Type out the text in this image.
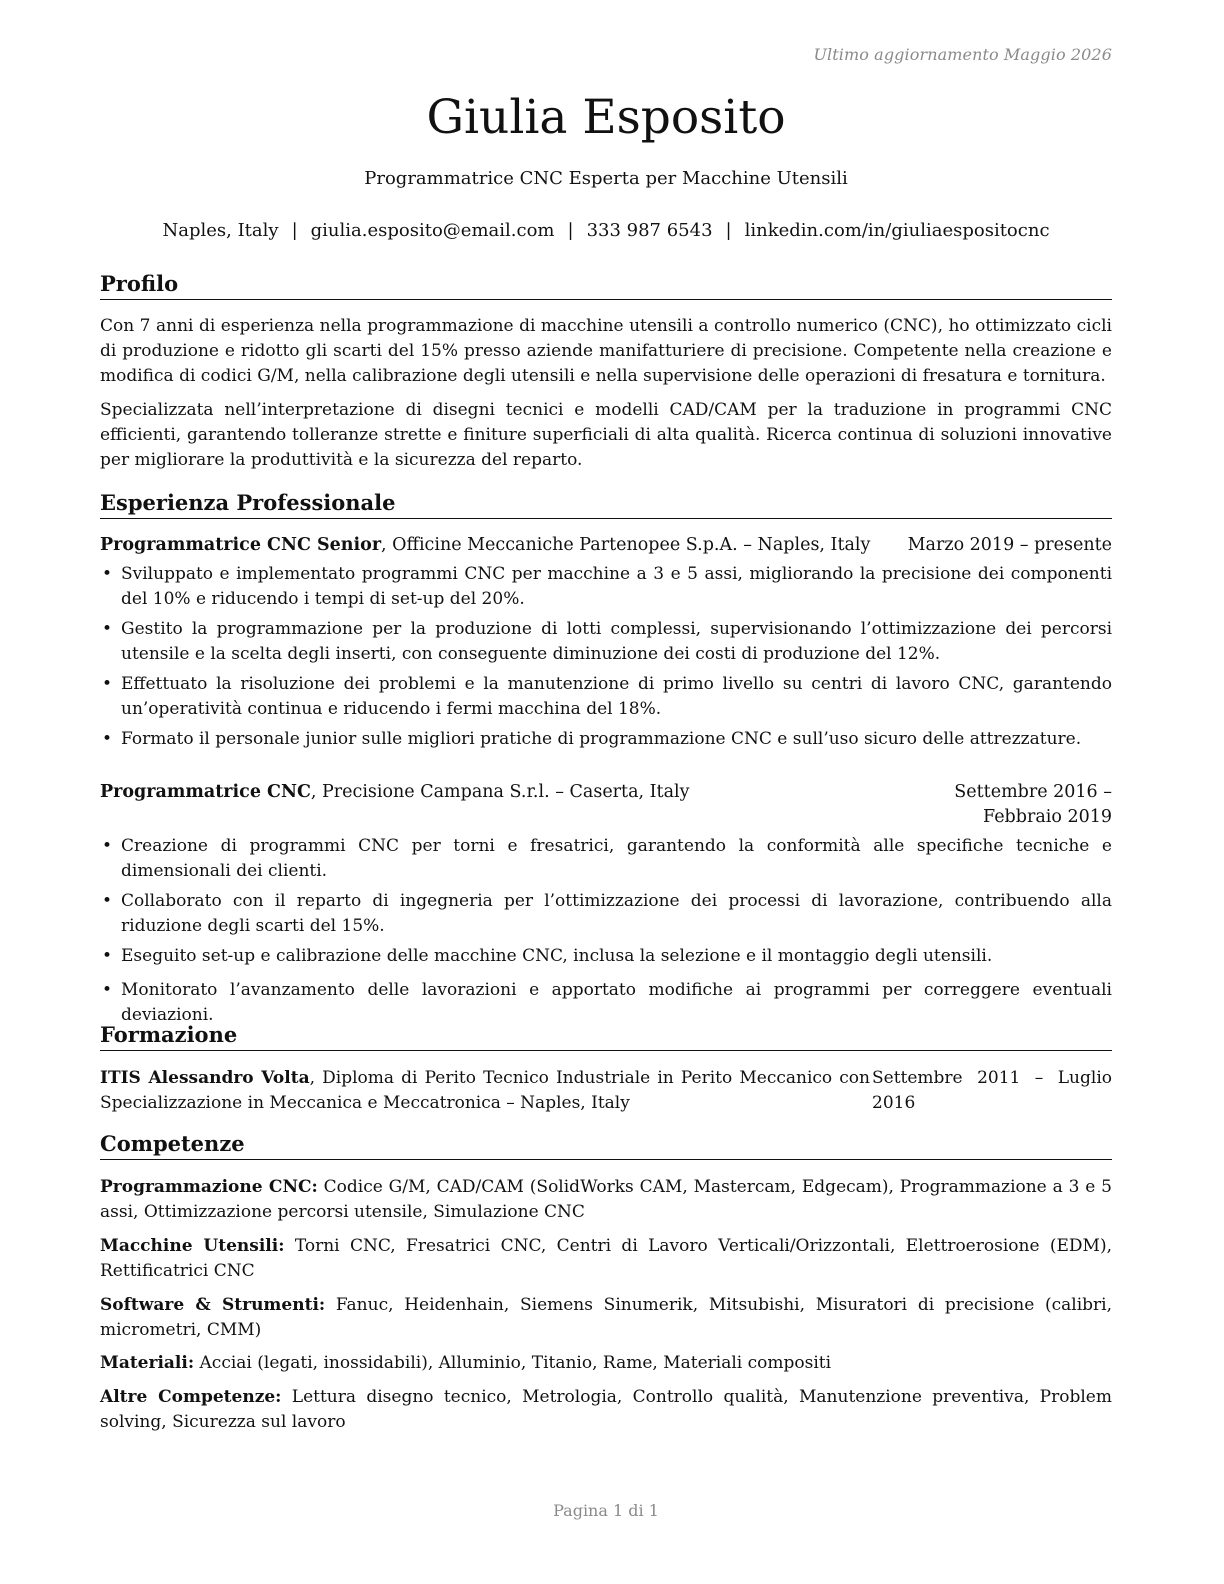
Ultimo aggiornamento Maggio 2026
Giulia Esposito
Programmatrice CNC Esperta per Macchine Utensili
Naples, Italy | giulia.esposito@email.com | 333 987 6543 | linkedin.com/in/giuliaespositocnc
Profilo
Con 7 anni di esperienza nella programmazione di macchine utensili a controllo numerico (CNC), ho ottimizzato cicli di produzione e ridotto gli scarti del 15% presso aziende manifatturiere di precisione. Competente nella creazione e modifica di codici G/M, nella calibrazione degli utensili e nella supervisione delle operazioni di fresatura e tornitura.
Specializzata nell’interpretazione di disegni tecnici e modelli CAD/CAM per la traduzione in programmi CNC efficienti, garantendo tolleranze strette e finiture superficiali di alta qualità. Ricerca continua di soluzioni innovative per migliorare la produttività e la sicurezza del reparto.
Esperienza Professionale
Programmatrice CNC Senior, Officine Meccaniche Partenopee S.p.A. – Naples, Italy Marzo 2019 – presente
• Sviluppato e implementato programmi CNC per macchine a 3 e 5 assi, migliorando la precisione dei componenti del 10% e riducendo i tempi di set-up del 20%.
• Gestito la programmazione per la produzione di lotti complessi, supervisionando l’ottimizzazione dei percorsi utensile e la scelta degli inserti, con conseguente diminuzione dei costi di produzione del 12%.
• Effettuato la risoluzione dei problemi e la manutenzione di primo livello su centri di lavoro CNC, garantendo un’operatività continua e riducendo i fermi macchina del 18%.
• Formato il personale junior sulle migliori pratiche di programmazione CNC e sull’uso sicuro delle attrezzature.
Programmatrice CNC, Precisione Campana S.r.l. – Caserta, Italy	Settembre 2016 – Febbraio 2019
• Creazione di programmi CNC per torni e fresatrici, garantendo la conformità alle specifiche tecniche e dimensionali dei clienti.
• Collaborato con il reparto di ingegneria per l’ottimizzazione dei processi di lavorazione, contribuendo alla riduzione degli scarti del 15%.
• Eseguito set-up e calibrazione delle macchine CNC, inclusa la selezione e il montaggio degli utensili.
• Monitorato l’avanzamento delle lavorazioni e apportato modifiche ai programmi per correggere eventuali deviazioni.
Formazione
ITIS Alessandro Volta, Diploma di Perito Tecnico Industriale in Perito Meccanico con Specializzazione in Meccanica e Meccatronica – Naples, Italy
Settembre 2011 – Luglio 2016
Competenze
Programmazione CNC: Codice G/M, CAD/CAM (SolidWorks CAM, Mastercam, Edgecam), Programmazione a 3 e 5 assi, Ottimizzazione percorsi utensile, Simulazione CNC
Macchine Utensili: Torni CNC, Fresatrici CNC, Centri di Lavoro Verticali/Orizzontali, Elettroerosione (EDM), Rettificatrici CNC
Software & Strumenti: Fanuc, Heidenhain, Siemens Sinumerik, Mitsubishi, Misuratori di precisione (calibri, micrometri, CMM)
Materiali: Acciai (legati, inossidabili), Alluminio, Titanio, Rame, Materiali compositi
Altre Competenze: Lettura disegno tecnico, Metrologia, Controllo qualità, Manutenzione preventiva, Problem solving, Sicurezza sul lavoro
Pagina 1 di 1
